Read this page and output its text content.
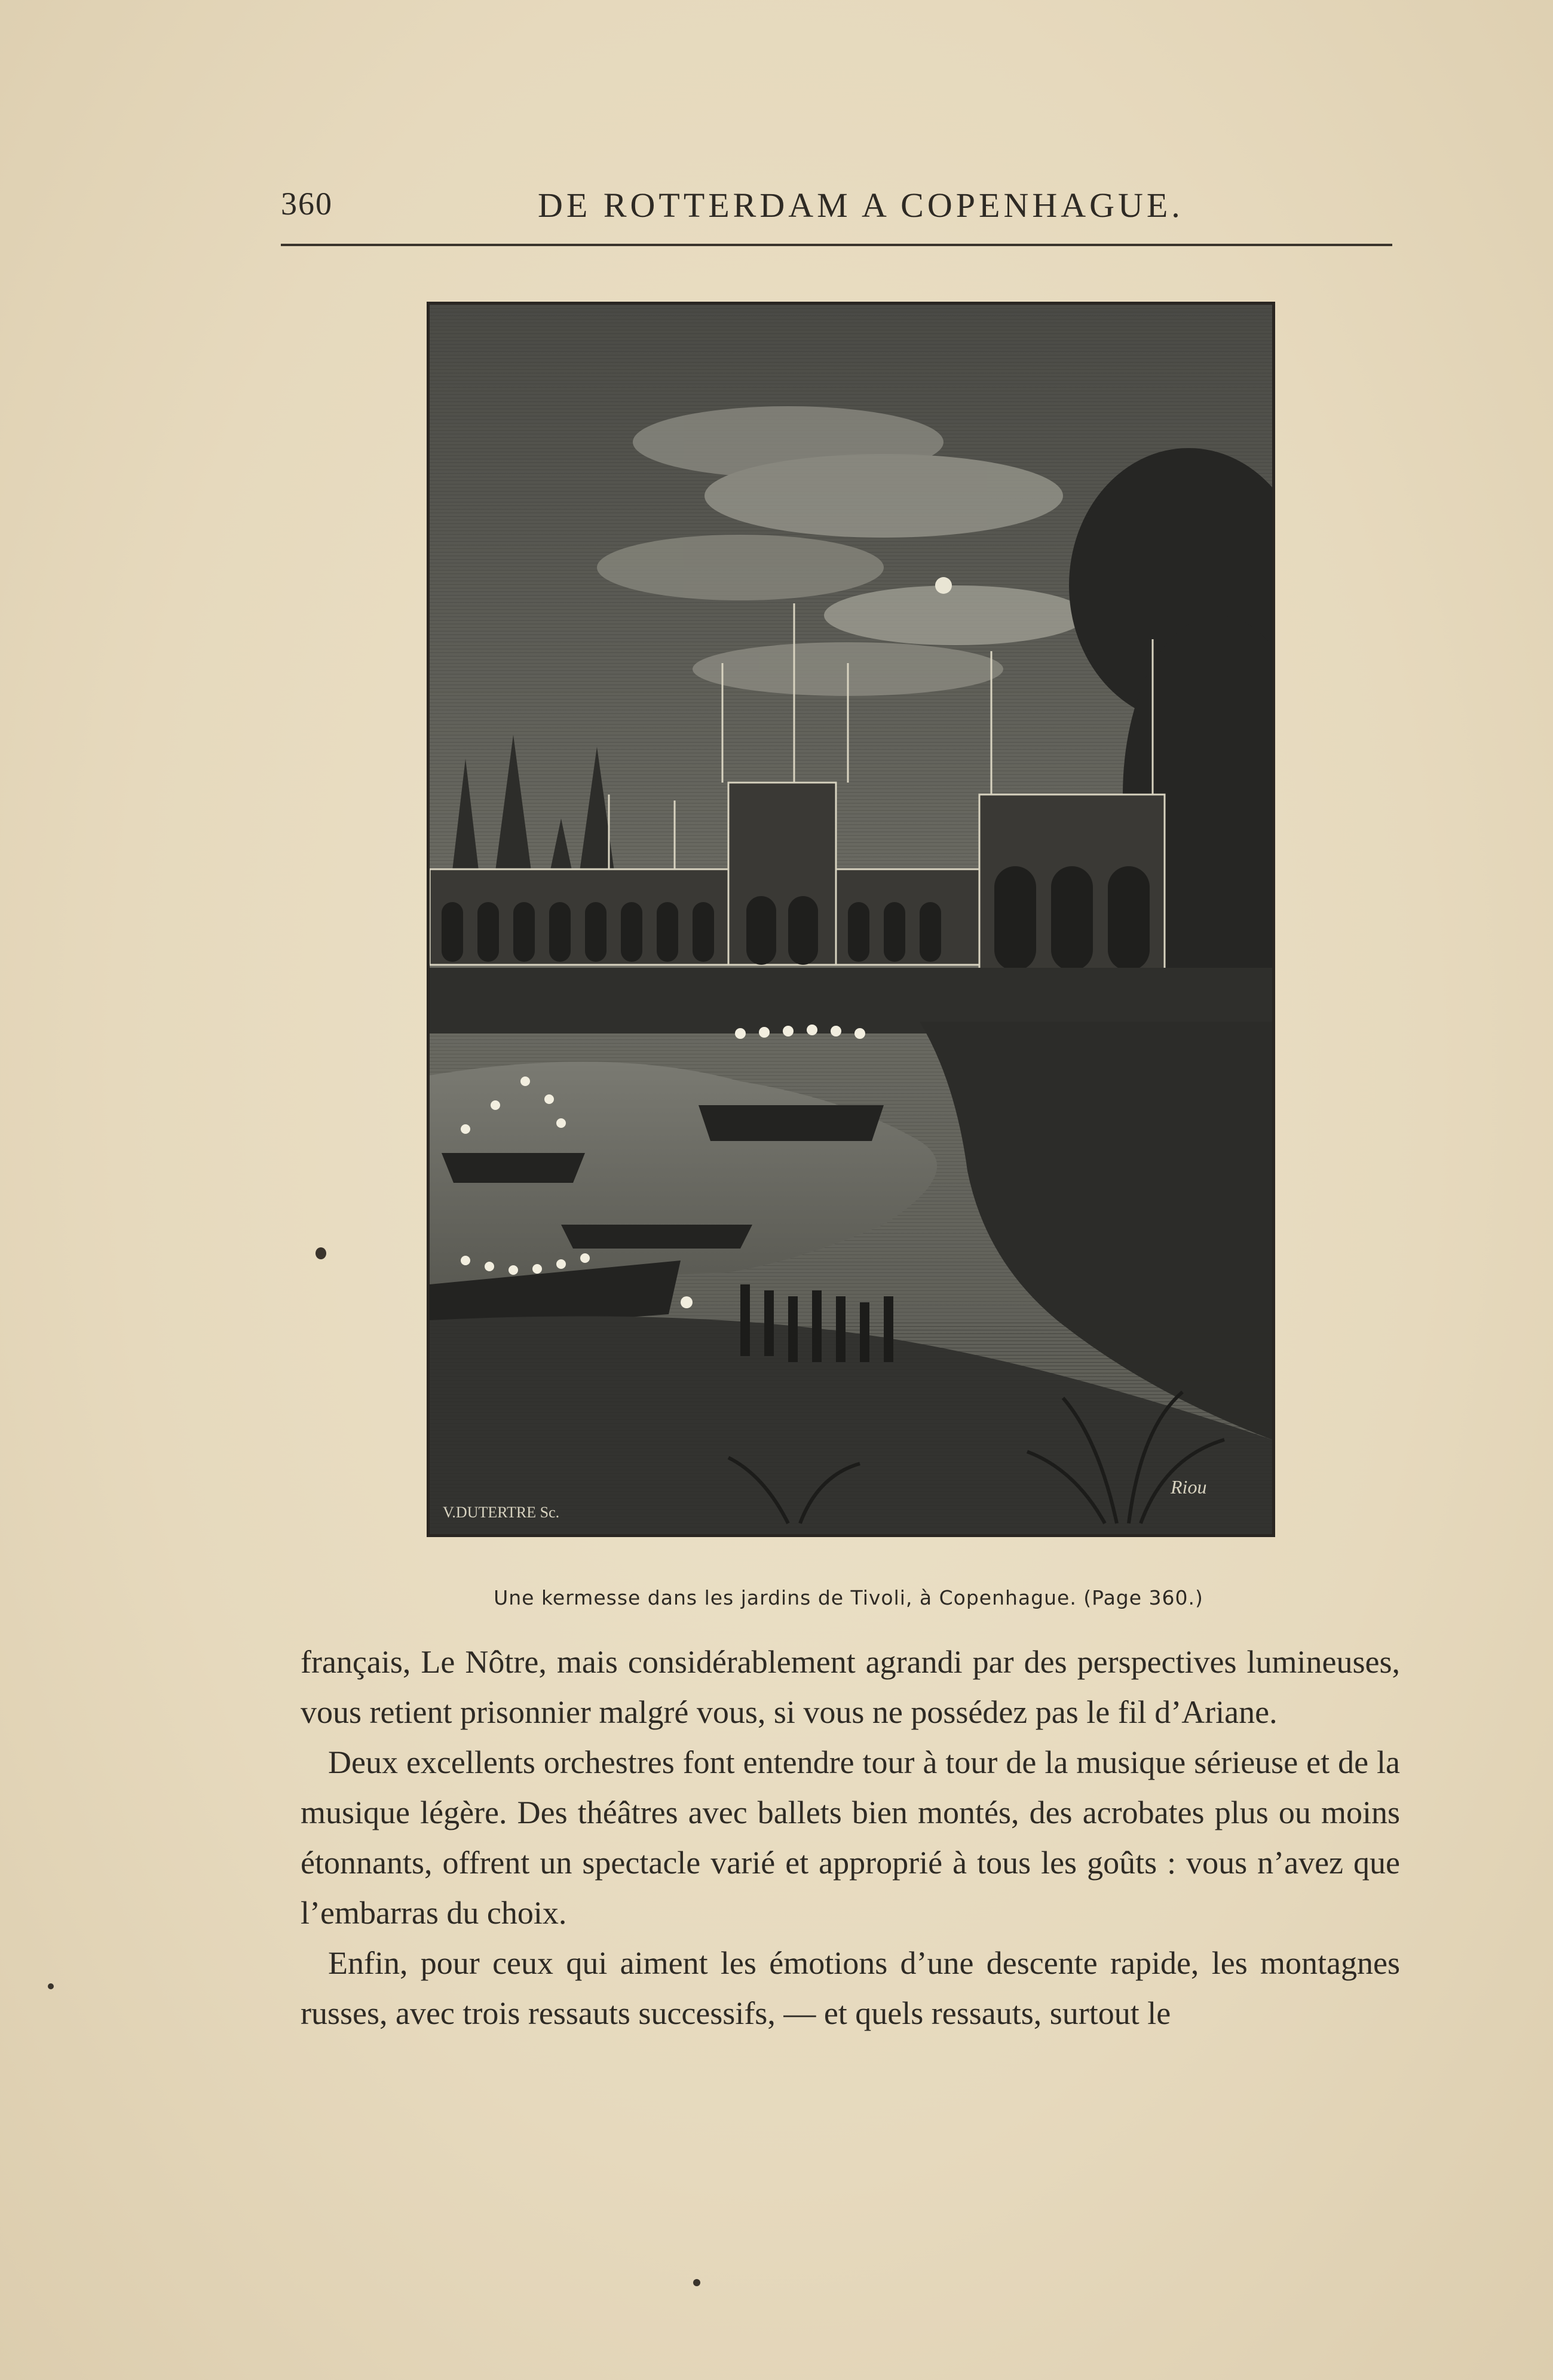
360	DE ROTTERDAM A COPENHAGUE.
V.DUTERTRE Sc.
Riou
Une kermesse dans les jardins de Tivoli, à Copenhague. (Page 360.)

français, Le Nôtre, mais considérablement agrandi par des perspectives lumineuses, vous retient prisonnier malgré vous, si vous ne possédez pas le fil d’Ariane.

Deux excellents orchestres font entendre tour à tour de la musique sérieuse et de la musique légère. Des théâtres avec ballets bien montés, des acrobates plus ou moins étonnants, offrent un spectacle varié et approprié à tous les goûts : vous n’avez que l’embarras du choix.

Enfin, pour ceux qui aiment les émotions d’une descente rapide, les montagnes russes, avec trois ressauts successifs, — et quels ressauts, surtout le
